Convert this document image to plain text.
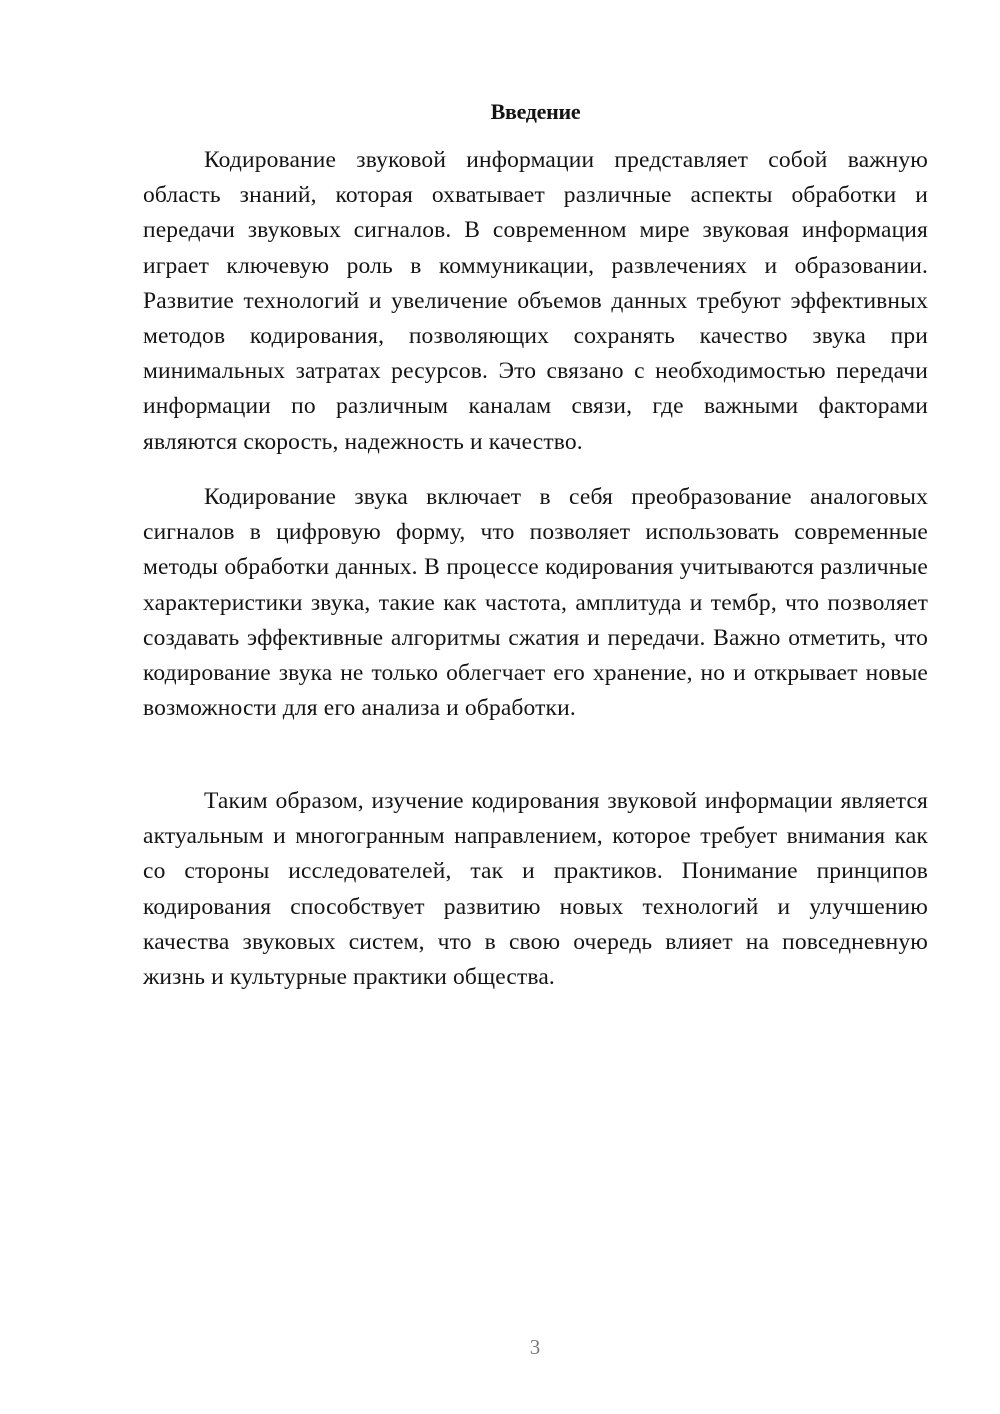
Введение

Кодирование звуковой информации представляет собой важную область знаний, которая охватывает различные аспекты обработки и передачи звуковых сигналов. В современном мире звуковая информация играет ключевую роль в коммуникации, развлечениях и образовании. Развитие технологий и увеличение объемов данных требуют эффективных методов кодирования, позволяющих сохранять качество звука при минимальных затратах ресурсов. Это связано с необходимостью передачи информации по различным каналам связи, где важными факторами являются скорость, надежность и качество.

Кодирование звука включает в себя преобразование аналоговых сигналов в цифровую форму, что позволяет использовать современные методы обработки данных. В процессе кодирования учитываются различные характеристики звука, такие как частота, амплитуда и тембр, что позволяет создавать эффективные алгоритмы сжатия и передачи. Важно отметить, что кодирование звука не только облегчает его хранение, но и открывает новые возможности для его анализа и обработки.

Таким образом, изучение кодирования звуковой информации является актуальным и многогранным направлением, которое требует внимания как со стороны исследователей, так и практиков. Понимание принципов кодирования способствует развитию новых технологий и улучшению качества звуковых систем, что в свою очередь влияет на повседневную жизнь и культурные практики общества.

3
